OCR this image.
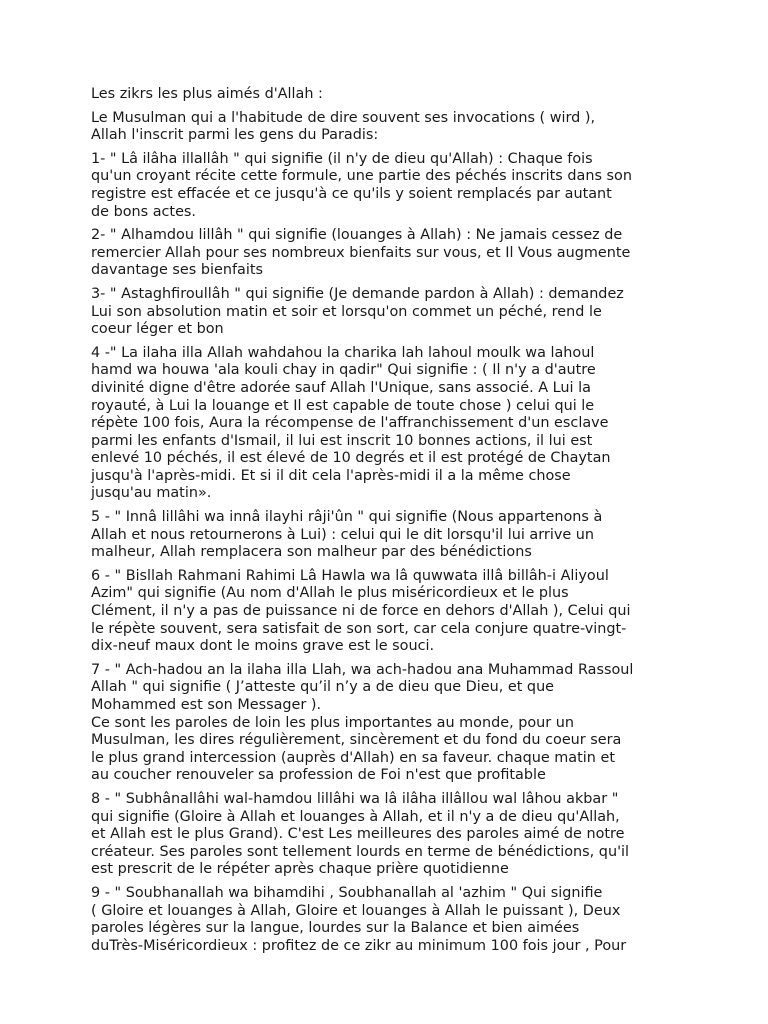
Les zikrs les plus aimés d'Allah :
Le Musulman qui a l'habitude de dire souvent ses invocations ( wird ),
Allah l'inscrit parmi les gens du Paradis:
1- " Lâ ilâha illallâh " qui signifie (il n'y de dieu qu'Allah) : Chaque fois
qu'un croyant récite cette formule, une partie des péchés inscrits dans son
registre est effacée et ce jusqu'à ce qu'ils y soient remplacés par autant
de bons actes.
2- " Alhamdou lillâh " qui signifie (louanges à Allah) : Ne jamais cessez de
remercier Allah pour ses nombreux bienfaits sur vous, et Il Vous augmente
davantage ses bienfaits
3- " Astaghfiroullâh " qui signifie (Je demande pardon à Allah) : demandez
Lui son absolution matin et soir et lorsqu'on commet un péché, rend le
coeur léger et bon
4 -" La ilaha illa Allah wahdahou la charika lah lahoul moulk wa lahoul
hamd wa houwa 'ala kouli chay in qadir" Qui signifie : ( Il n'y a d'autre
divinité digne d'être adorée sauf Allah l'Unique, sans associé. A Lui la
royauté, à Lui la louange et Il est capable de toute chose ) celui qui le
répète 100 fois, Aura la récompense de l'affranchissement d'un esclave
parmi les enfants d'Ismail, il lui est inscrit 10 bonnes actions, il lui est
enlevé 10 péchés, il est élevé de 10 degrés et il est protégé de Chaytan
jusqu'à l'après-midi. Et si il dit cela l'après-midi il a la même chose
jusqu'au matin».
5 - " Innâ lillâhi wa innâ ilayhi râji'ûn " qui signifie (Nous appartenons à
Allah et nous retournerons à Lui) : celui qui le dit lorsqu'il lui arrive un
malheur, Allah remplacera son malheur par des bénédictions
6 - " Bisllah Rahmani Rahimi Lâ Hawla wa lâ quwwata illâ billâh-i Aliyoul
Azim" qui signifie (Au nom d'Allah le plus miséricordieux et le plus
Clément, il n'y a pas de puissance ni de force en dehors d'Allah ), Celui qui
le répète souvent, sera satisfait de son sort, car cela conjure quatre-vingt-
dix-neuf maux dont le moins grave est le souci.
7 - " Ach-hadou an la ilaha illa Llah, wa ach-hadou ana Muhammad Rassoul
Allah " qui signifie ( J’atteste qu’il n’y a de dieu que Dieu, et que
Mohammed est son Messager ).
Ce sont les paroles de loin les plus importantes au monde, pour un
Musulman, les dires régulièrement, sincèrement et du fond du coeur sera
le plus grand intercession (auprès d'Allah) en sa faveur. chaque matin et
au coucher renouveler sa profession de Foi n'est que profitable
8 - " Subhânallâhi wal-hamdou lillâhi wa lâ ilâha illâllou wal lâhou akbar "
qui signifie (Gloire à Allah et louanges à Allah, et il n'y a de dieu qu'Allah,
et Allah est le plus Grand). C'est Les meilleures des paroles aimé de notre
créateur. Ses paroles sont tellement lourds en terme de bénédictions, qu'il
est prescrit de le répéter après chaque prière quotidienne
9 - " Soubhanallah wa bihamdihi , Soubhanallah al 'azhim " Qui signifie
( Gloire et louanges à Allah, Gloire et louanges à Allah le puissant ), Deux
paroles légères sur la langue, lourdes sur la Balance et bien aimées
duTrès-Miséricordieux : profitez de ce zikr au minimum 100 fois jour , Pour
